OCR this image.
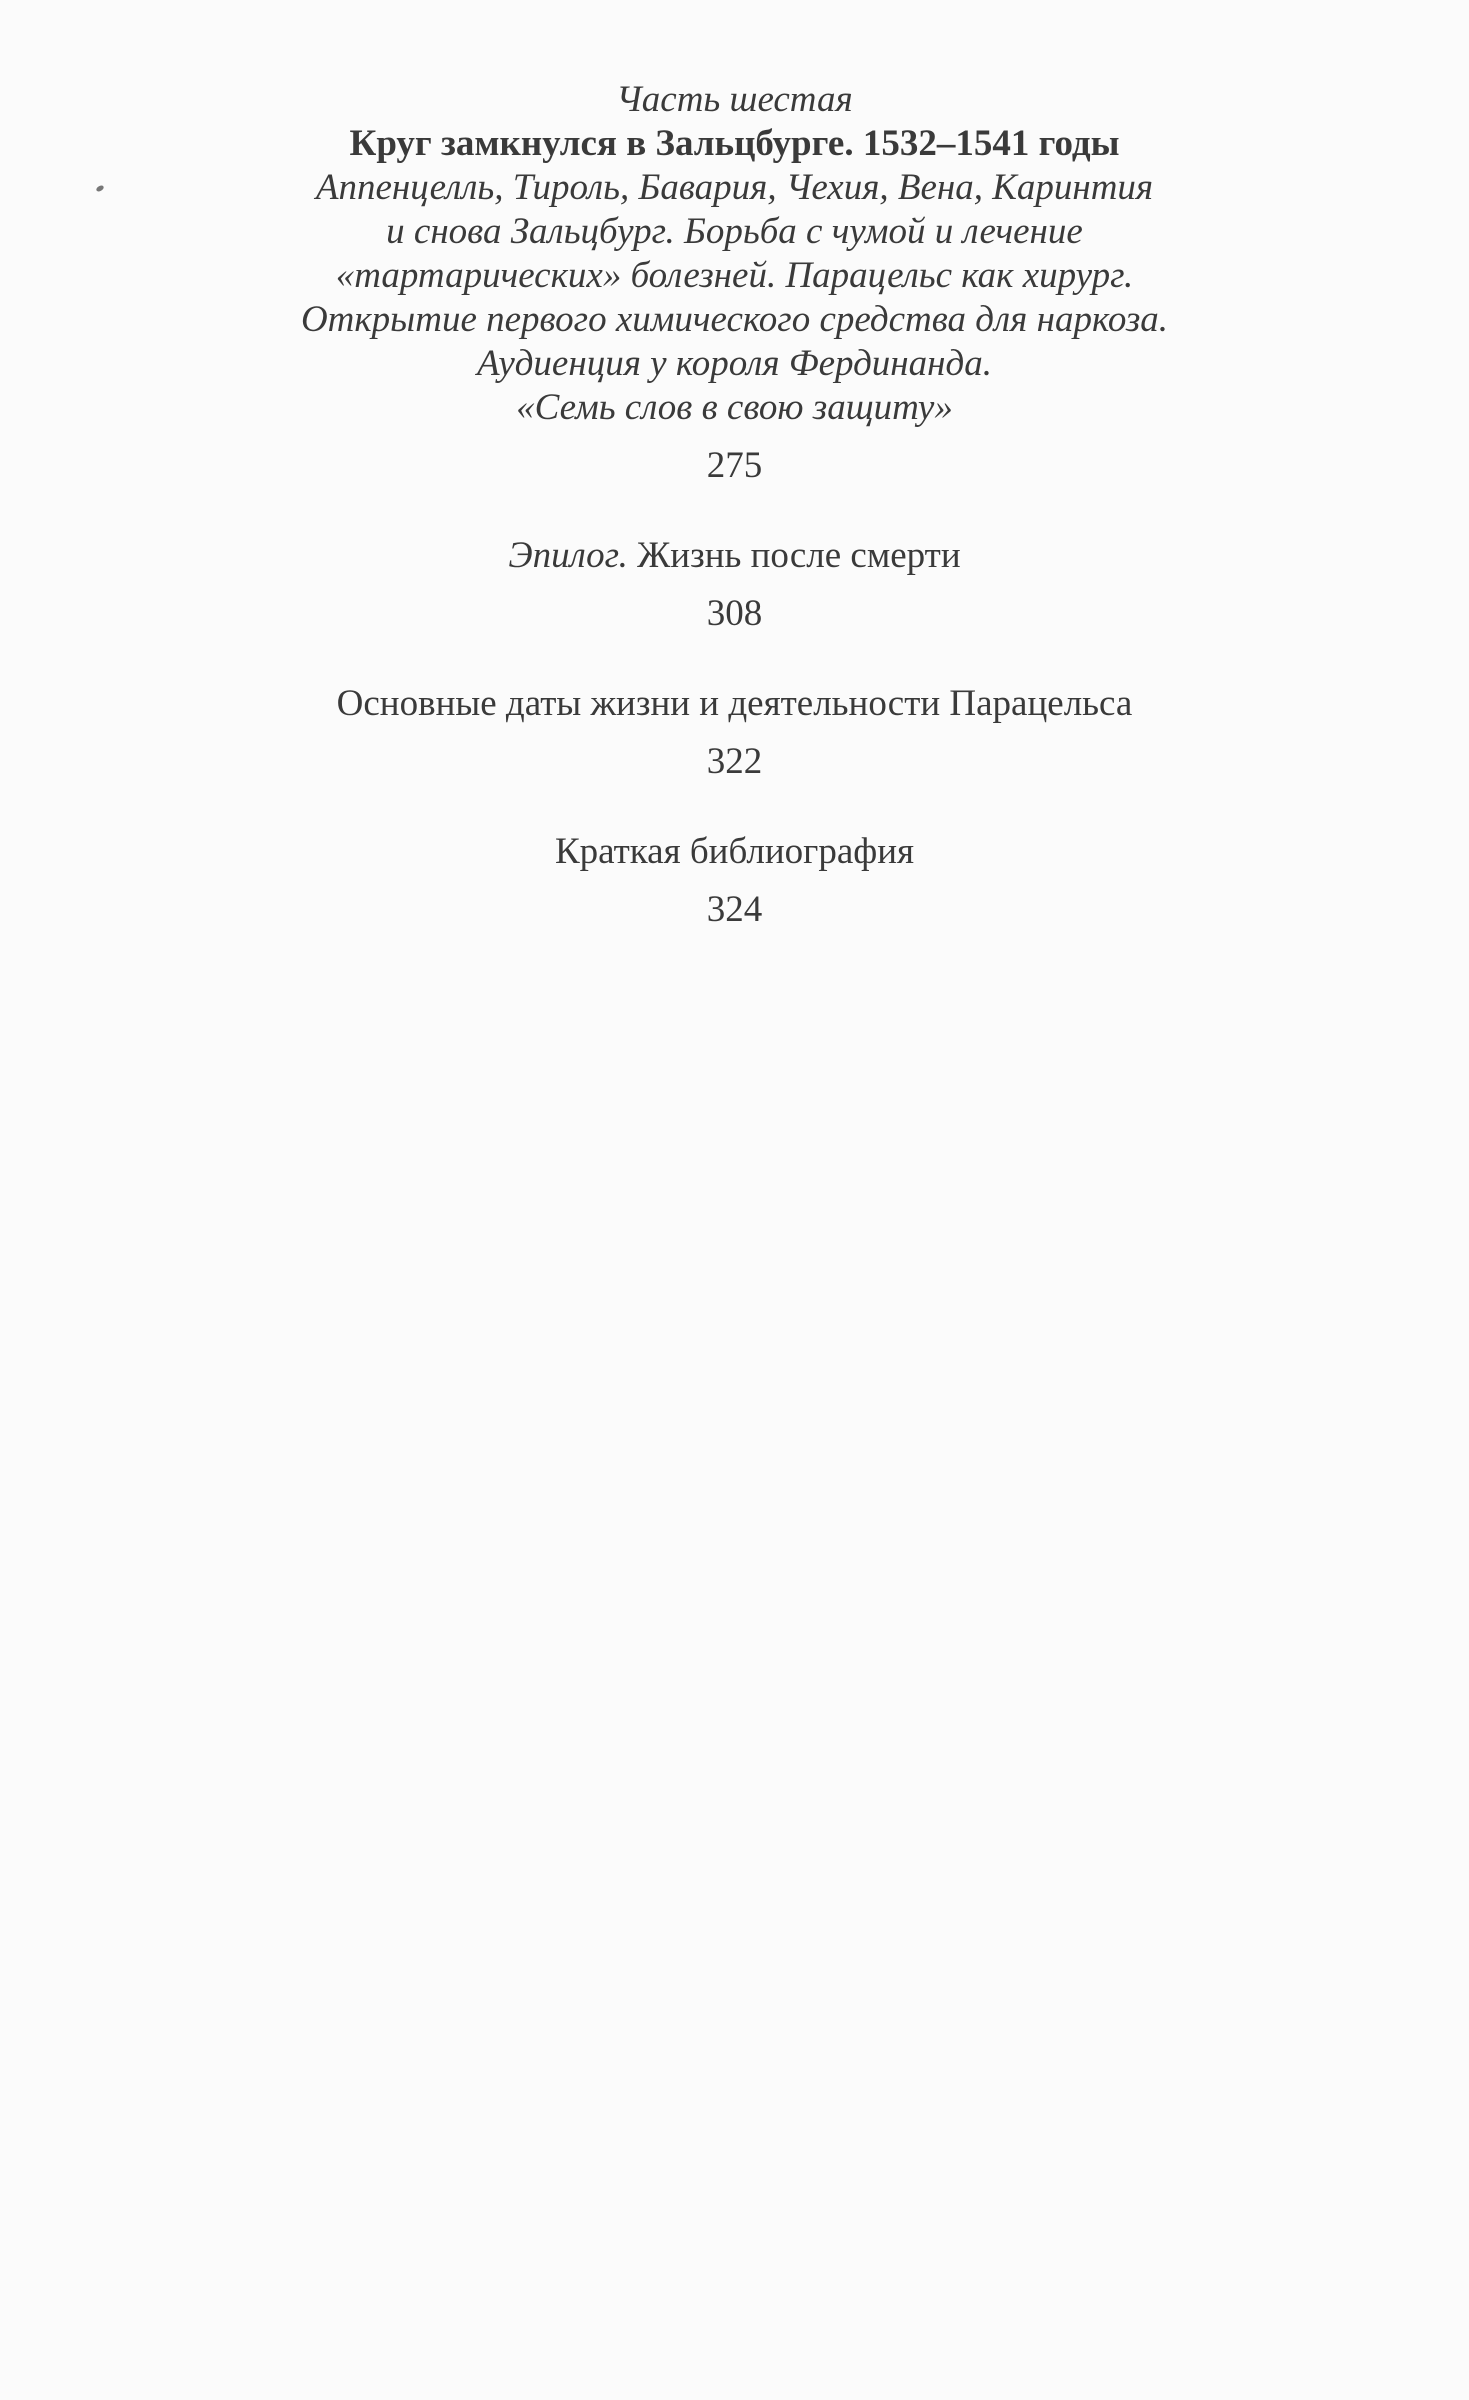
Часть шестая
Круг замкнулся в Зальцбурге. 1532–1541 годы
Аппенцелль, Тироль, Бавария, Чехия, Вена, Каринтия
и снова Зальцбург. Борьба с чумой и лечение
«тартарических» болезней. Парацельс как хирург.
Открытие первого химического средства для наркоза.
Аудиенция у короля Фердинанда.
«Семь слов в свою защиту»
275
Эпилог. Жизнь после смерти
308
Основные даты жизни и деятельности Парацельса
322
Краткая библиография
324
